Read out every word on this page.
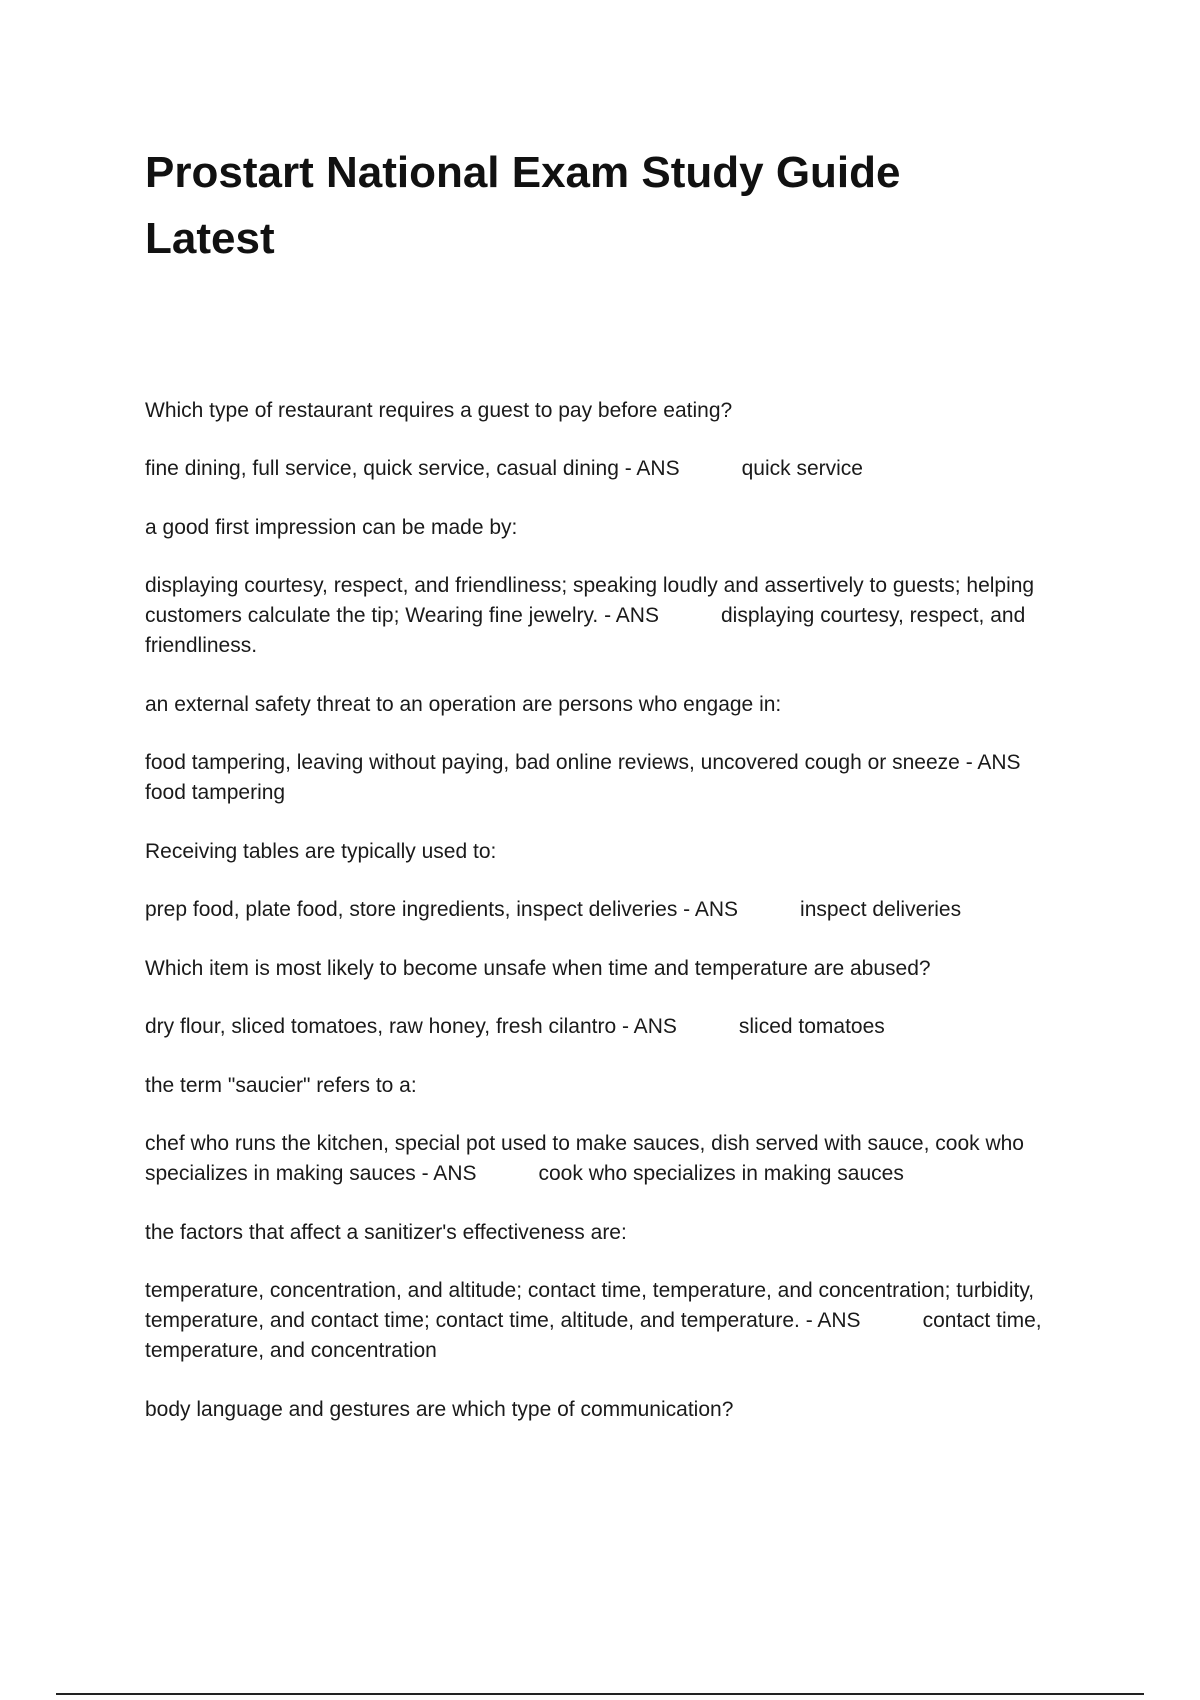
Prostart National Exam Study Guide Latest

Which type of restaurant requires a guest to pay before eating?

fine dining, full service, quick service, casual dining - ANS	quick service

a good first impression can be made by:

displaying courtesy, respect, and friendliness; speaking loudly and assertively to guests; helping customers calculate the tip; Wearing fine jewelry. - ANS	displaying courtesy, respect, and friendliness.

an external safety threat to an operation are persons who engage in:

food tampering, leaving without paying, bad online reviews, uncovered cough or sneeze - ANSfood tampering

Receiving tables are typically used to:

prep food, plate food, store ingredients, inspect deliveries - ANS	inspect deliveries

Which item is most likely to become unsafe when time and temperature are abused?

dry flour, sliced tomatoes, raw honey, fresh cilantro - ANS	sliced tomatoes

the term "saucier" refers to a:

chef who runs the kitchen, special pot used to make sauces, dish served with sauce, cook who specializes in making sauces - ANS	cook who specializes in making sauces

the factors that affect a sanitizer's effectiveness are:

temperature, concentration, and altitude; contact time, temperature, and concentration; turbidity, temperature, and contact time; contact time, altitude, and temperature. - ANS	contact time, temperature, and concentration

body language and gestures are which type of communication?
